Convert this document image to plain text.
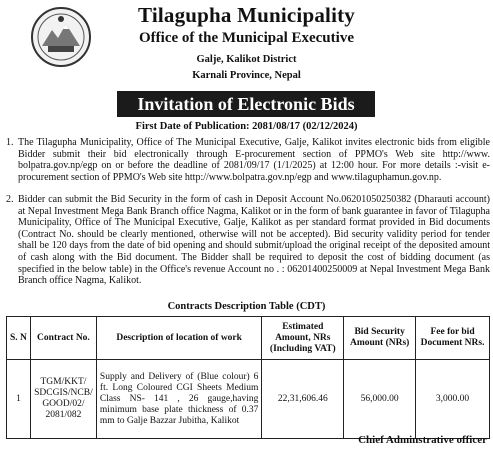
Tilagupha Municipality
Office of the Municipal Executive
Galje, Kalikot District
Karnali Province, Nepal
Invitation of Electronic Bids
First Date of Publication: 2081/08/17 (02/12/2024)

1. The Tilagupha Municipality, Office of The Municipal Executive, Galje, Kalikot invites electronic bids from eligible Bidder submit their bid electronically through E-procurement section of PPMO's Web site http://www. bolpatra.gov.np/egp on or before the deadline of 2081/09/17 (1/1/2025) at 12:00 hour. For more details :-visit e-procurement section of PPMO's Web site http://www.bolpatra.gov.np/egp and www.tilaguphamun.gov.np.

2. Bidder can submit the Bid Security in the form of cash in Deposit Account No.06201050250382 (Dharauti account) at Nepal Investment Mega Bank Branch office Nagma, Kalikot or in the form of bank guarantee in favor of Tilagupha Municipality, Office of The Municipal Executive, Galje, Kalikot as per standard format provided in Bid documents (Contract No. should be clearly mentioned, otherwise will not be accepted). Bid security validity period for tender shall be 120 days from the date of bid opening and should submit/upload the original receipt of the deposited amount of cash along with the Bid document. The Bidder shall be required to deposit the cost of bidding document (as specified in the below table) in the Office's revenue Account no . : 06201400250009 at Nepal Investment Mega Bank Branch office Nagma, Kalikot.

Contracts Description Table (CDT)
S. N	Contract No.	Description of location of work	Estimated Amount, NRs (Including VAT)	Bid Security Amount (NRs)	Fee for bid Document NRs.
1	TGM/KKT/ SDCGIS/NCB/ GOOD/02/ 2081/082	Supply and Delivery of (Blue colour) 6 ft. Long Coloured CGI Sheets Medium Class NS- 141 , 26 gauge,having minimum base plate thickness of 0.37 mm to Galje Bazzar Jubitha, Kalikot	22,31,606.46	56,000.00	3,000.00
Chief Adminstrative officer
